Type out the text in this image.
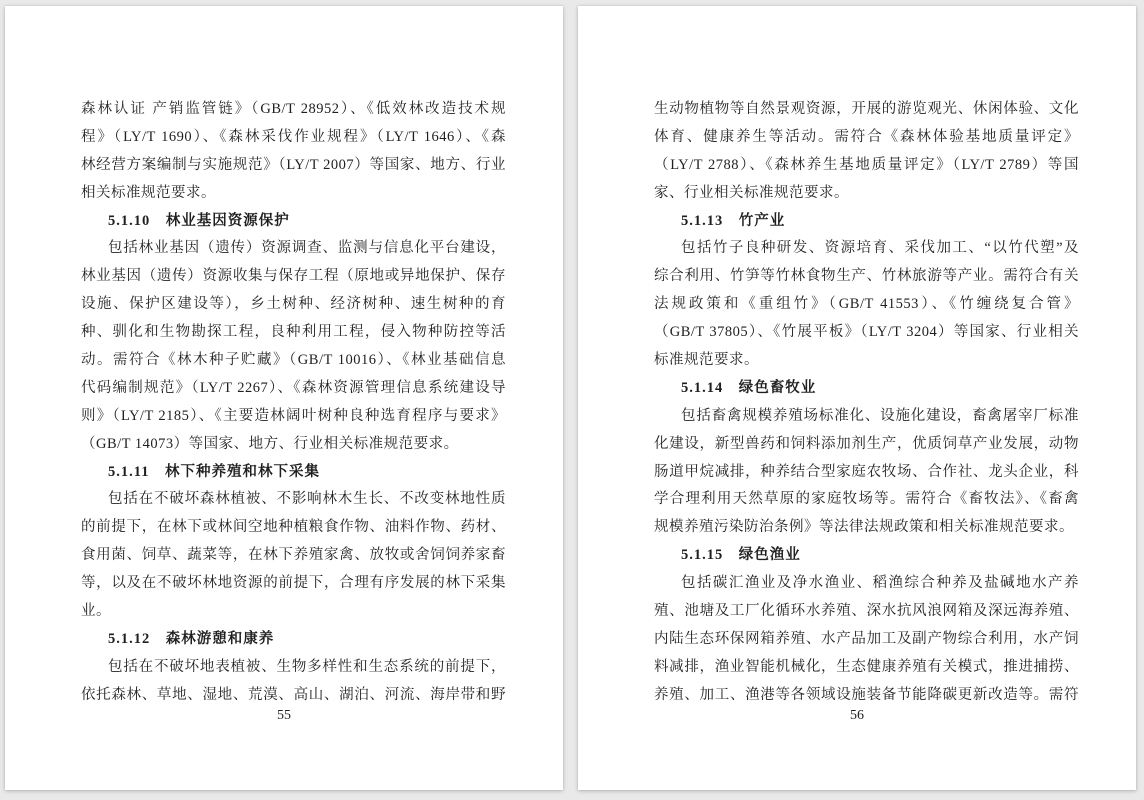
森林认证 产销监管链》（GB/T 28952）、《低效林改造技术规
程》（LY/T 1690）、《森林采伐作业规程》（LY/T 1646）、《森
林经营方案编制与实施规范》（LY/T 2007）等国家、地方、行业
相关标准规范要求。
5.1.10　林业基因资源保护
包括林业基因（遗传）资源调查、监测与信息化平台建设，
林业基因（遗传）资源收集与保存工程（原地或异地保护、保存
设施、保护区建设等），乡土树种、经济树种、速生树种的育
种、驯化和生物勘探工程，良种利用工程，侵入物种防控等活
动。需符合《林木种子贮藏》（GB/T 10016）、《林业基础信息
代码编制规范》（LY/T 2267）、《森林资源管理信息系统建设导
则》（LY/T 2185）、《主要造林阔叶树种良种选育程序与要求》
（GB/T 14073）等国家、地方、行业相关标准规范要求。
5.1.11　林下种养殖和林下采集
包括在不破坏森林植被、不影响林木生长、不改变林地性质
的前提下，在林下或林间空地种植粮食作物、油料作物、药材、
食用菌、饲草、蔬菜等，在林下养殖家禽、放牧或舍饲饲养家畜
等，以及在不破坏林地资源的前提下，合理有序发展的林下采集
业。
5.1.12　森林游憩和康养
包括在不破坏地表植被、生物多样性和生态系统的前提下，
依托森林、草地、湿地、荒漠、高山、湖泊、河流、海岸带和野
55
生动物植物等自然景观资源，开展的游览观光、休闲体验、文化
体育、健康养生等活动。需符合《森林体验基地质量评定》
（LY/T 2788）、《森林养生基地质量评定》（LY/T 2789）等国
家、行业相关标准规范要求。
5.1.13　竹产业
包括竹子良种研发、资源培育、采伐加工、“以竹代塑”及
综合利用、竹笋等竹林食物生产、竹林旅游等产业。需符合有关
法规政策和《重组竹》（GB/T 41553）、《竹缠绕复合管》
（GB/T 37805）、《竹展平板》（LY/T 3204）等国家、行业相关
标准规范要求。
5.1.14　绿色畜牧业
包括畜禽规模养殖场标准化、设施化建设，畜禽屠宰厂标准
化建设，新型兽药和饲料添加剂生产，优质饲草产业发展，动物
肠道甲烷减排，种养结合型家庭农牧场、合作社、龙头企业，科
学合理利用天然草原的家庭牧场等。需符合《畜牧法》、《畜禽
规模养殖污染防治条例》等法律法规政策和相关标准规范要求。
5.1.15　绿色渔业
包括碳汇渔业及净水渔业、稻渔综合种养及盐碱地水产养
殖、池塘及工厂化循环水养殖、深水抗风浪网箱及深远海养殖、
内陆生态环保网箱养殖、水产品加工及副产物综合利用，水产饲
料减排，渔业智能机械化，生态健康养殖有关模式，推进捕捞、
养殖、加工、渔港等各领域设施装备节能降碳更新改造等。需符
56
